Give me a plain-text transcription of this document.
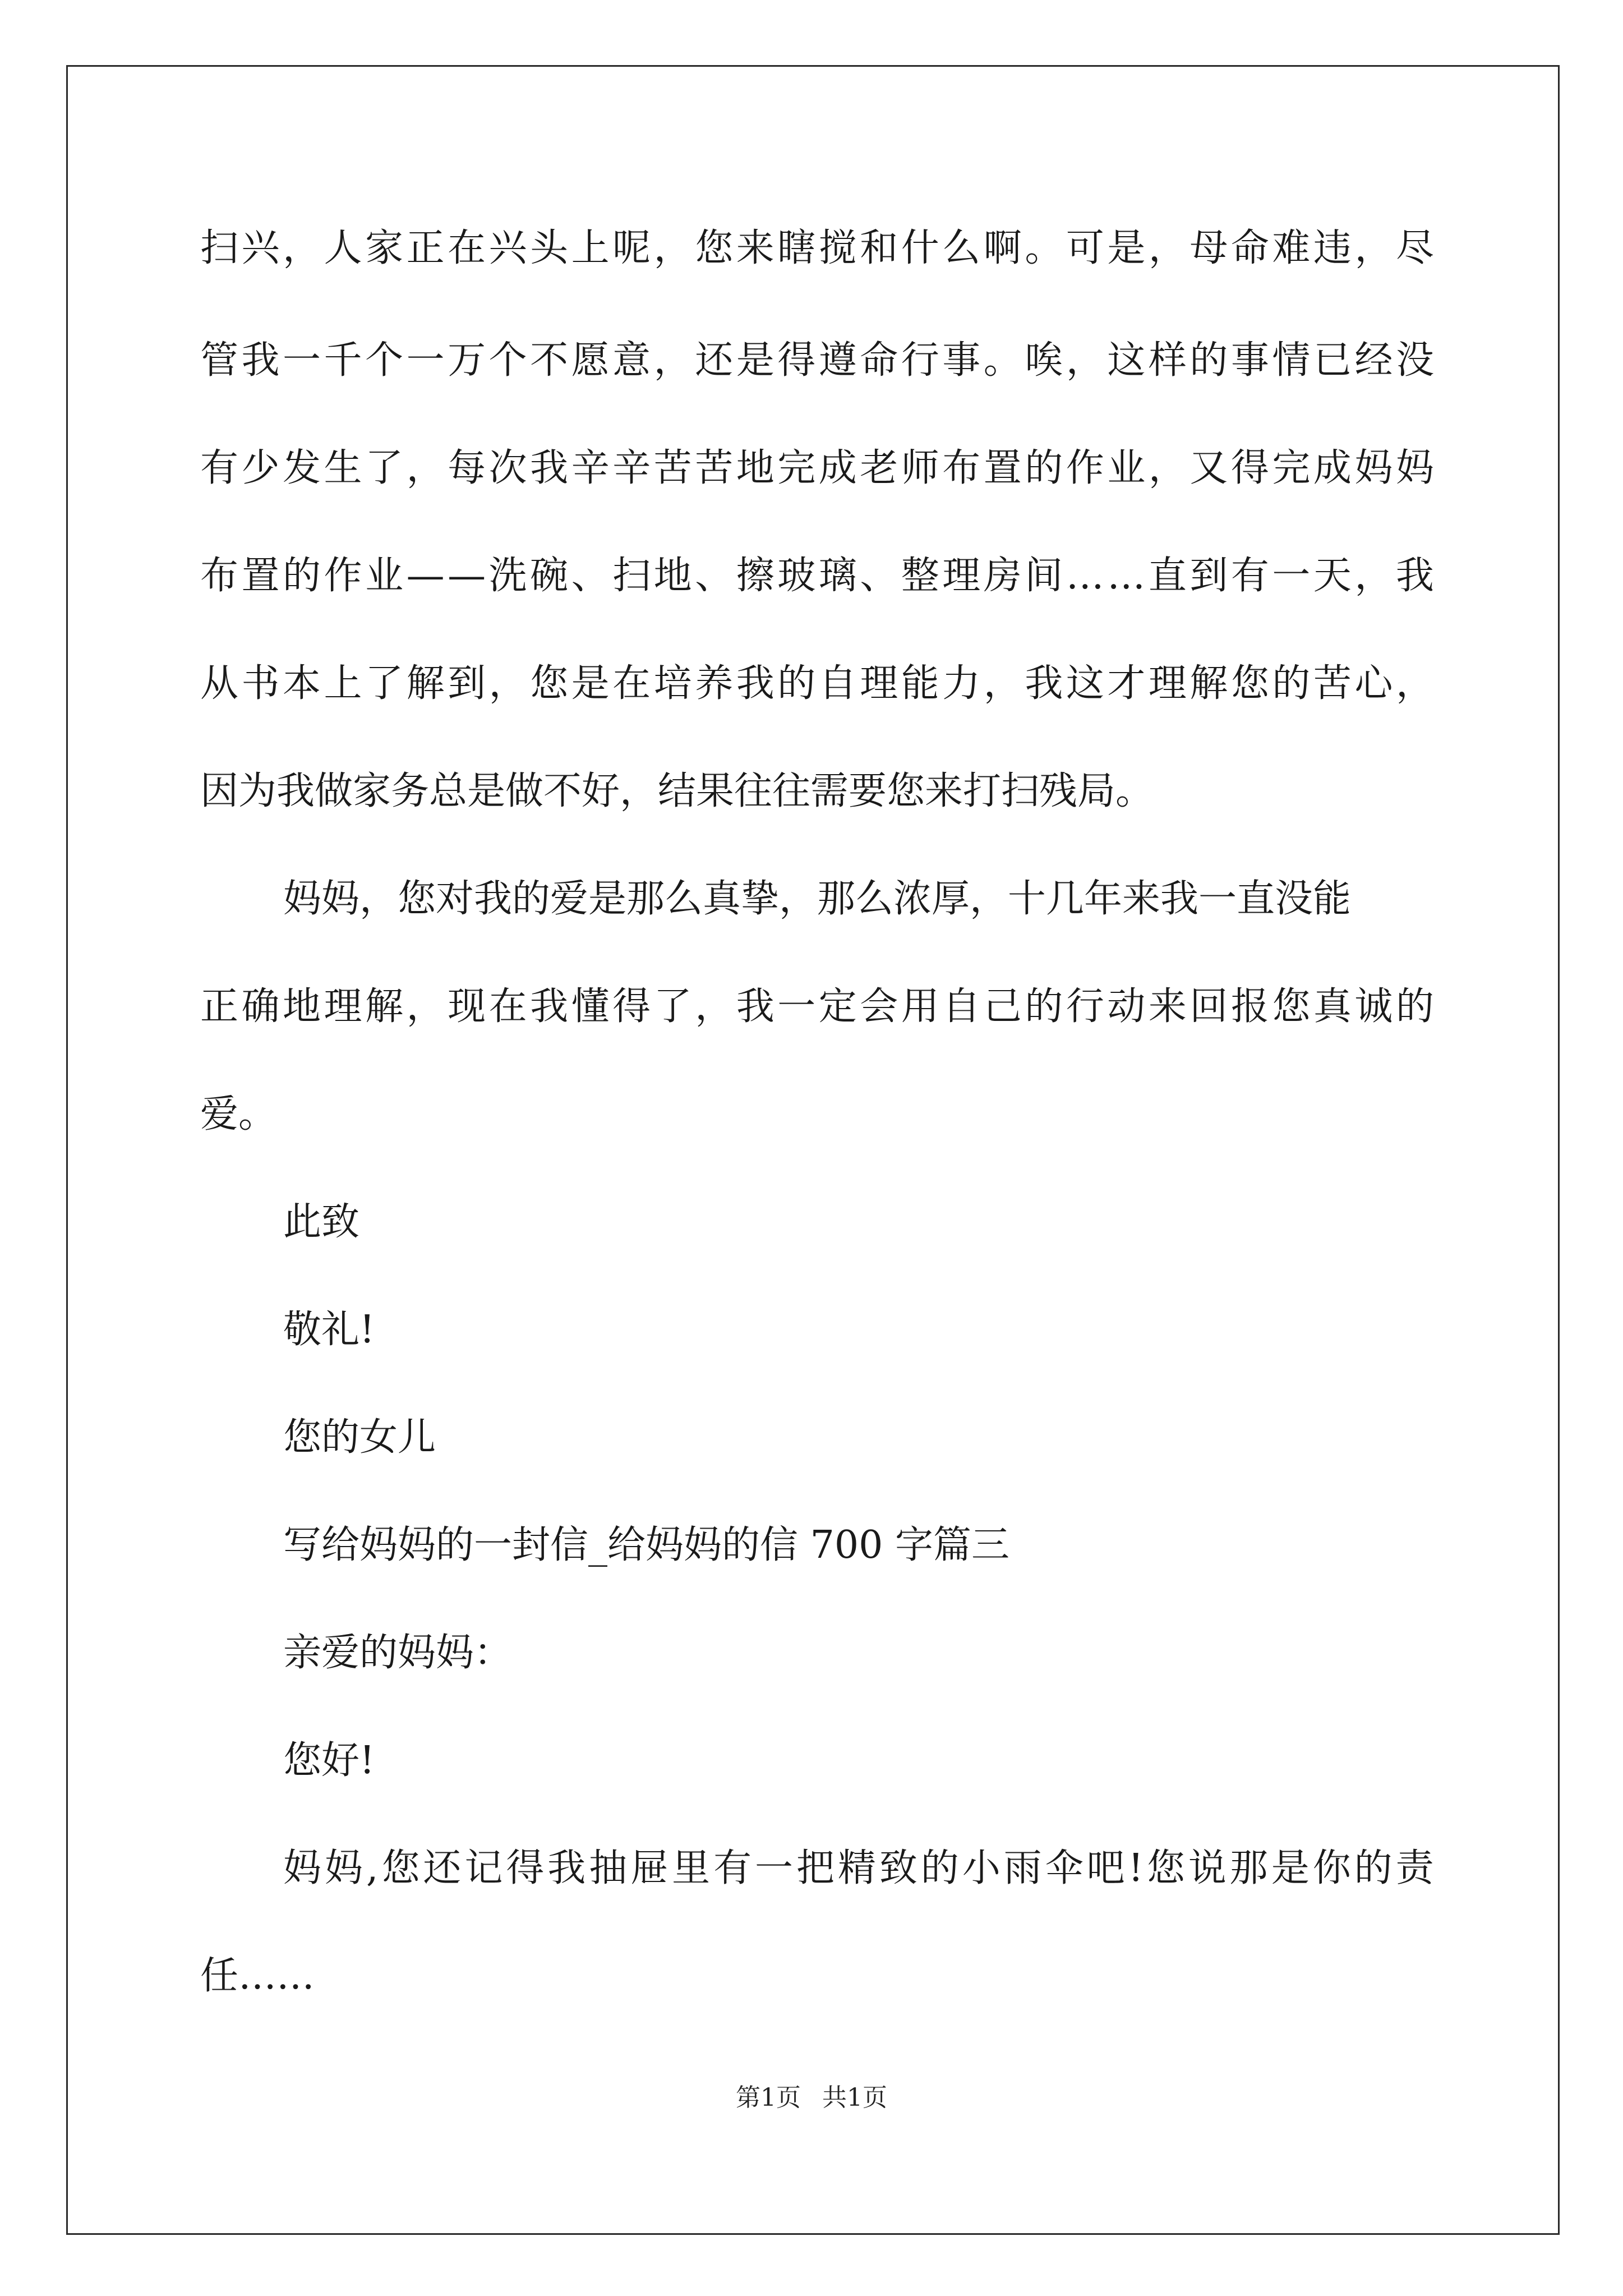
扫 兴 ， 人 家 正 在 兴 头 上 呢 ， 您 来 瞎 搅 和 什 么 啊 。 可 是 ， 母 命 难 违 ， 尽
管 我 一 千 个 一 万 个 不 愿 意 ， 还 是 得 遵 命 行 事 。 唉 ， 这 样 的 事 情 已 经 没
有 少 发 生 了 ， 每 次 我 辛 辛 苦 苦 地 完 成 老 师 布 置 的 作 业 ， 又 得 完 成 妈 妈
布 置 的 作 业 — — 洗 碗 、 扫 地 、 擦 玻 璃 、 整 理 房 间 … … 直 到 有 一 天 ， 我
从 书 本 上 了 解 到 ， 您 是 在 培 养 我 的 自 理 能 力 ， 我 这 才 理 解 您 的 苦 心 ，
因为我做家务总是做不好，结果往往需要您来打扫残局。
妈妈，您对我的爱是那么真挚，那么浓厚，十几年来我一直没能
正 确 地 理 解 ， 现 在 我 懂 得 了 ， 我 一 定 会 用 自 己 的 行 动 来 回 报 您 真 诚 的
爱。
此致
敬礼!
您的女儿
写给妈妈的一封信_给妈妈的信 700 字篇三
亲爱的妈妈：
您好!
妈 妈 , 您 还 记 得 我 抽 屉 里 有 一 把 精 致 的 小 雨 伞 吧 ! 您 说 那 是 你 的 责
任……
第1页 共1页
